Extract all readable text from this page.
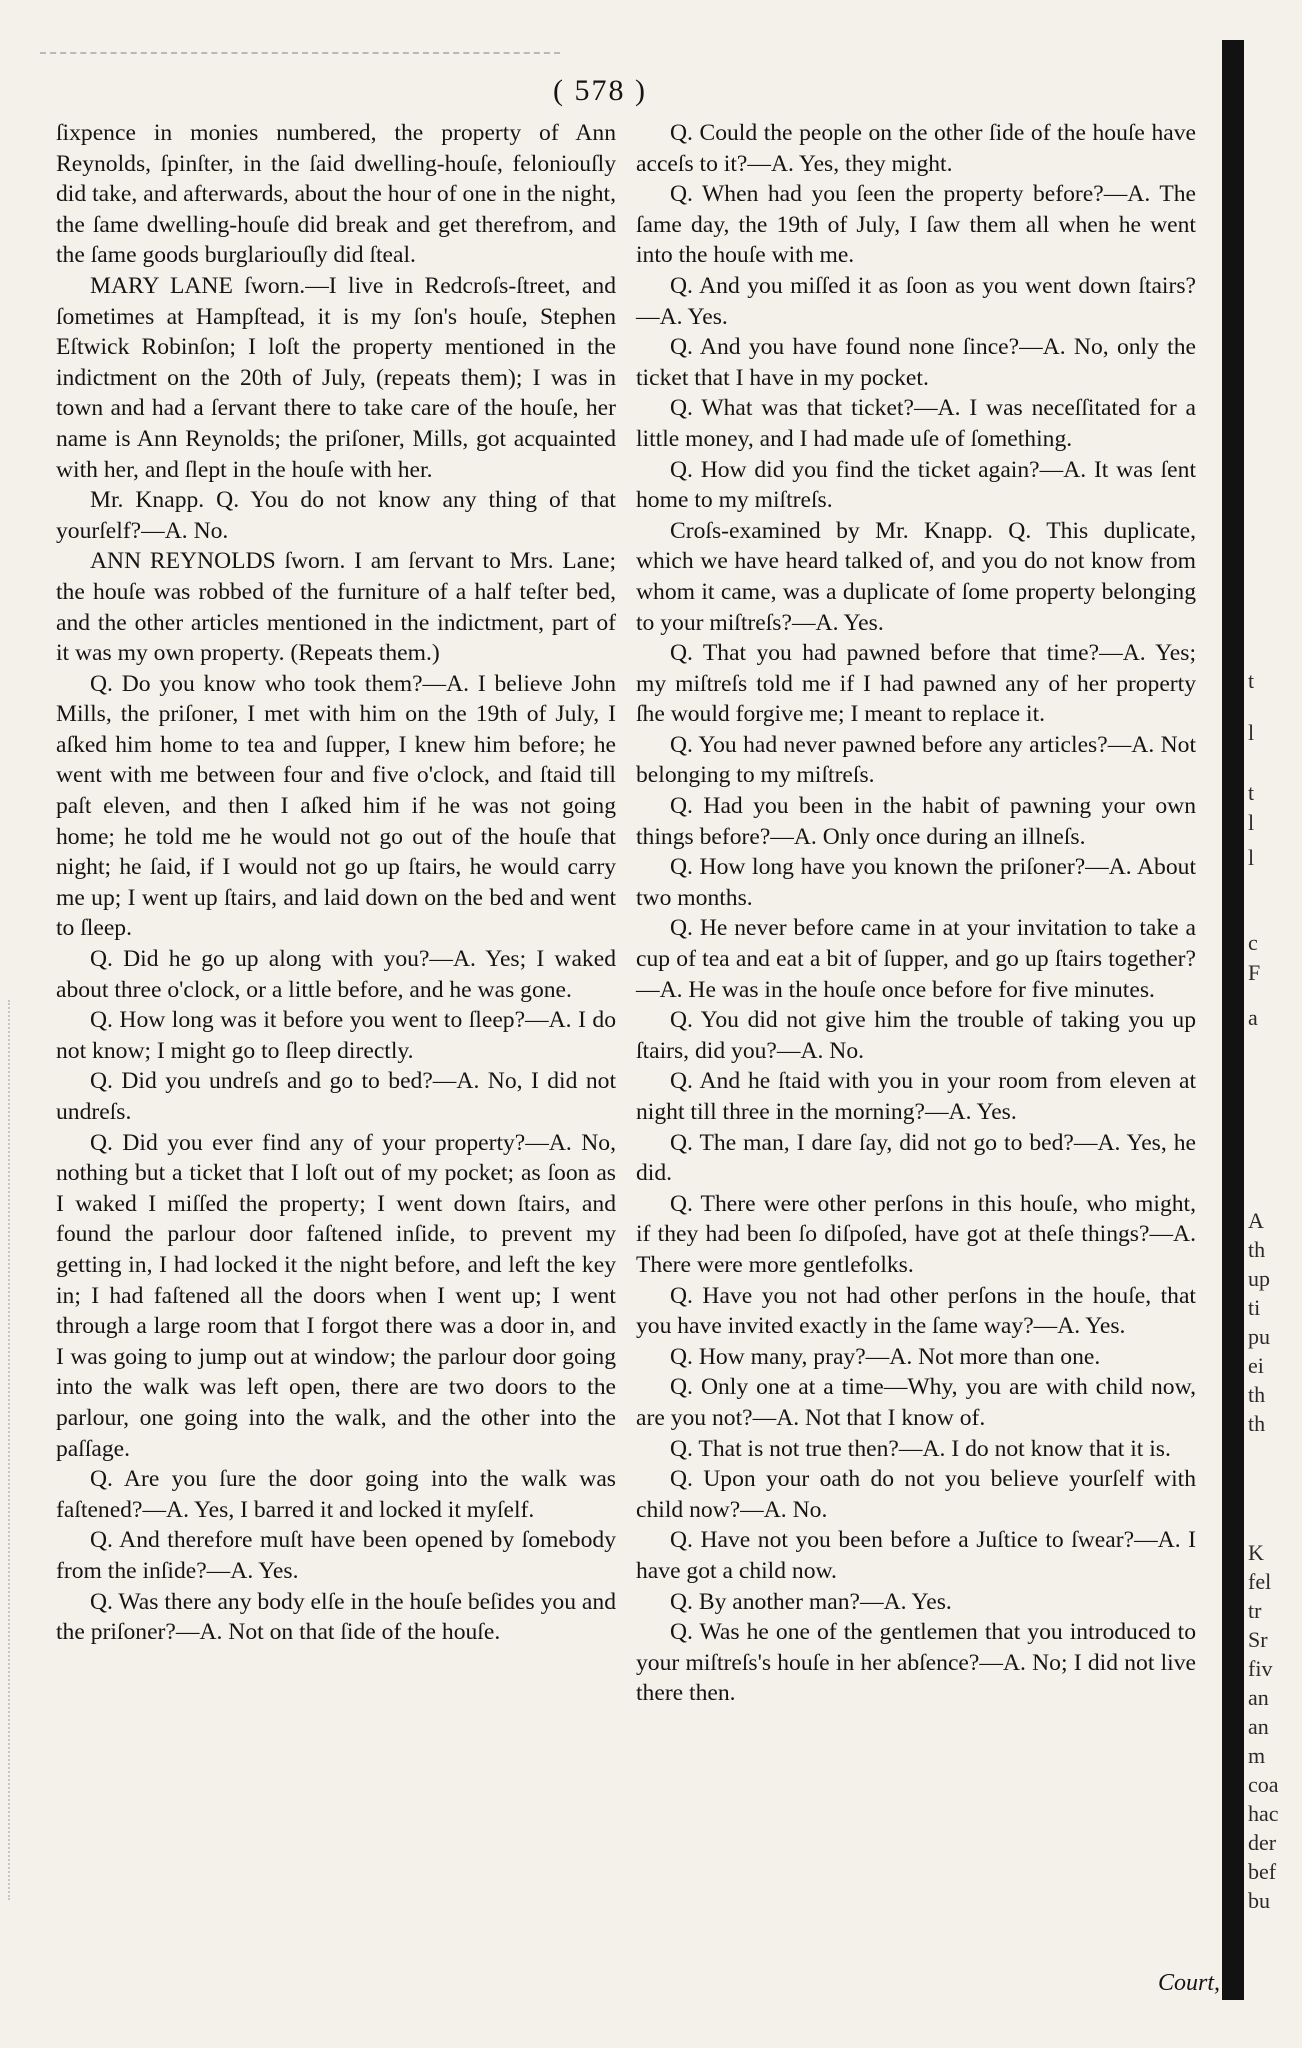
( 578 )

ſixpence in monies numbered, the property of Ann Reynolds, ſpinſter, in the ſaid dwelling-houſe, feloniouſly did take, and afterwards, about the hour of one in the night, the ſame dwelling-houſe did break and get therefrom, and the ſame goods burglariouſly did ſteal.

MARY LANE ſworn.—I live in Redcroſs-ſtreet, and ſometimes at Hampſtead, it is my ſon's houſe, Stephen Eſtwick Robinſon; I loſt the property mentioned in the indictment on the 20th of July, (repeats them); I was in town and had a ſervant there to take care of the houſe, her name is Ann Reynolds; the priſoner, Mills, got acquainted with her, and ſlept in the houſe with her.

Mr. Knapp. Q. You do not know any thing of that yourſelf?—A. No.

ANN REYNOLDS ſworn. I am ſervant to Mrs. Lane; the houſe was robbed of the furniture of a half teſter bed, and the other articles mentioned in the indictment, part of it was my own property. (Repeats them.)

Q. Do you know who took them?—A. I believe John Mills, the priſoner, I met with him on the 19th of July, I aſked him home to tea and ſupper, I knew him before; he went with me between four and five o'clock, and ſtaid till paſt eleven, and then I aſked him if he was not going home; he told me he would not go out of the houſe that night; he ſaid, if I would not go up ſtairs, he would carry me up; I went up ſtairs, and laid down on the bed and went to ſleep.

Q. Did he go up along with you?—A. Yes; I waked about three o'clock, or a little before, and he was gone.

Q. How long was it before you went to ſleep?—A. I do not know; I might go to ſleep directly.

Q. Did you undreſs and go to bed?—A. No, I did not undreſs.

Q. Did you ever find any of your property?—A. No, nothing but a ticket that I loſt out of my pocket; as ſoon as I waked I miſſed the property; I went down ſtairs, and found the parlour door faſtened inſide, to prevent my getting in, I had locked it the night before, and left the key in; I had faſtened all the doors when I went up; I went through a large room that I forgot there was a door in, and I was going to jump out at window; the parlour door going into the walk was left open, there are two doors to the parlour, one going into the walk, and the other into the paſſage.

Q. Are you ſure the door going into the walk was faſtened?—A. Yes, I barred it and locked it myſelf.

Q. And therefore muſt have been opened by ſomebody from the inſide?—A. Yes.

Q. Was there any body elſe in the houſe beſides you and the priſoner?—A. Not on that ſide of the houſe.

Q. Could the people on the other ſide of the houſe have acceſs to it?—A. Yes, they might.

Q. When had you ſeen the property before?—A. The ſame day, the 19th of July, I ſaw them all when he went into the houſe with me.

Q. And you miſſed it as ſoon as you went down ſtairs?—A. Yes.

Q. And you have found none ſince?—A. No, only the ticket that I have in my pocket.

Q. What was that ticket?—A. I was neceſſitated for a little money, and I had made uſe of ſomething.

Q. How did you find the ticket again?—A. It was ſent home to my miſtreſs.

Croſs-examined by Mr. Knapp. Q. This duplicate, which we have heard talked of, and you do not know from whom it came, was a duplicate of ſome property belonging to your miſtreſs?—A. Yes.

Q. That you had pawned before that time?—A. Yes; my miſtreſs told me if I had pawned any of her property ſhe would forgive me; I meant to replace it.

Q. You had never pawned before any articles?—A. Not belonging to my miſtreſs.

Q. Had you been in the habit of pawning your own things before?—A. Only once during an illneſs.

Q. How long have you known the priſoner?—A. About two months.

Q. He never before came in at your invitation to take a cup of tea and eat a bit of ſupper, and go up ſtairs together?—A. He was in the houſe once before for five minutes.

Q. You did not give him the trouble of taking you up ſtairs, did you?—A. No.

Q. And he ſtaid with you in your room from eleven at night till three in the morning?—A. Yes.

Q. The man, I dare ſay, did not go to bed?—A. Yes, he did.

Q. There were other perſons in this houſe, who might, if they had been ſo diſpoſed, have got at theſe things?—A. There were more gentlefolks.

Q. Have you not had other perſons in the houſe, that you have invited exactly in the ſame way?—A. Yes.

Q. How many, pray?—A. Not more than one.

Q. Only one at a time—Why, you are with child now, are you not?—A. Not that I know of.

Q. That is not true then?—A. I do not know that it is.

Q. Upon your oath do not you believe yourſelf with child now?—A. No.

Q. Have not you been before a Juſtice to ſwear?—A. I have got a child now.

Q. By another man?—A. Yes.

Q. Was he one of the gentlemen that you introduced to your miſtreſs's houſe in her abſence?—A. No; I did not live there then.

Court,
t
l
t
l
l
c
F
a
A
th
up
ti
pu
ei
th
th
K
fel
tr
Sr
fiv
an
an
m
coa
hac
der
bef
bu
